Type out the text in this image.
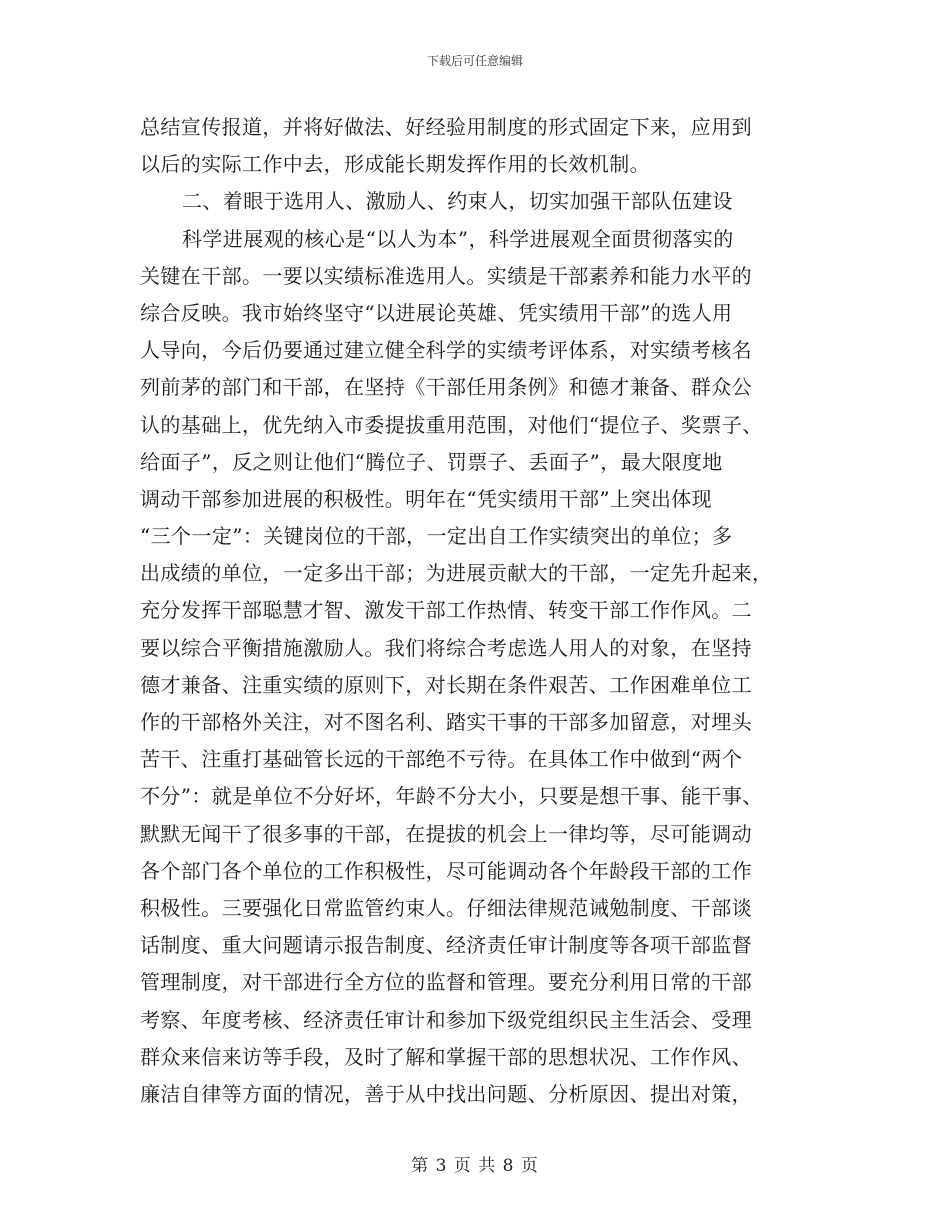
下载后可任意编辑
总结宣传报道，并将好做法、好经验用制度的形式固定下来，应用到
以后的实际工作中去，形成能长期发挥作用的长效机制。
二、着眼于选用人、激励人、约束人，切实加强干部队伍建设
科学进展观的核心是“以人为本”，科学进展观全面贯彻落实的
关键在干部。一要以实绩标准选用人。实绩是干部素养和能力水平的
综合反映。我市始终坚守“以进展论英雄、凭实绩用干部”的选人用
人导向，今后仍要通过建立健全科学的实绩考评体系，对实绩考核名
列前茅的部门和干部，在坚持《干部任用条例》和德才兼备、群众公
认的基础上，优先纳入市委提拔重用范围，对他们“提位子、奖票子、
给面子”，反之则让他们“腾位子、罚票子、丢面子”，最大限度地
调动干部参加进展的积极性。明年在“凭实绩用干部”上突出体现
“三个一定”：关键岗位的干部，一定出自工作实绩突出的单位；多
出成绩的单位，一定多出干部；为进展贡献大的干部，一定先升起来，
充分发挥干部聪慧才智、激发干部工作热情、转变干部工作作风。二
要以综合平衡措施激励人。我们将综合考虑选人用人的对象，在坚持
德才兼备、注重实绩的原则下，对长期在条件艰苦、工作困难单位工
作的干部格外关注，对不图名利、踏实干事的干部多加留意，对埋头
苦干、注重打基础管长远的干部绝不亏待。在具体工作中做到“两个
不分”：就是单位不分好坏，年龄不分大小，只要是想干事、能干事、
默默无闻干了很多事的干部，在提拔的机会上一律均等，尽可能调动
各个部门各个单位的工作积极性，尽可能调动各个年龄段干部的工作
积极性。三要强化日常监管约束人。仔细法律规范诫勉制度、干部谈
话制度、重大问题请示报告制度、经济责任审计制度等各项干部监督
管理制度，对干部进行全方位的监督和管理。要充分利用日常的干部
考察、年度考核、经济责任审计和参加下级党组织民主生活会、受理
群众来信来访等手段，及时了解和掌握干部的思想状况、工作作风、
廉洁自律等方面的情况，善于从中找出问题、分析原因、提出对策，
第 3 页 共 8 页
